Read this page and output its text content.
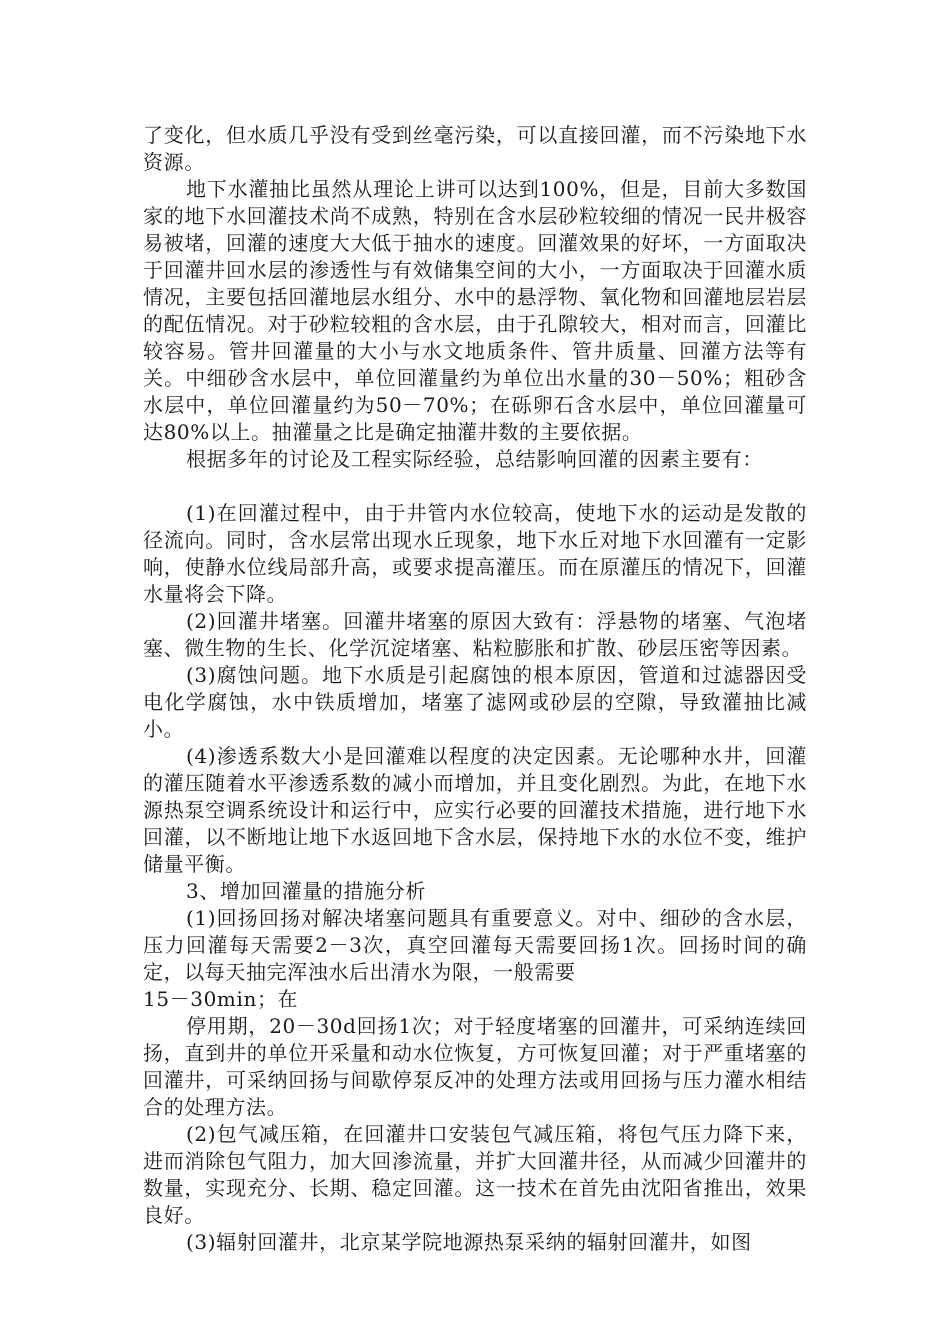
了变化，但水质几乎没有受到丝毫污染，可以直接回灌，而不污染地下水资源。

地下水灌抽比虽然从理论上讲可以达到100%，但是，目前大多数国家的地下水回灌技术尚不成熟，特别在含水层砂粒较细的情况一民井极容易被堵，回灌的速度大大低于抽水的速度。回灌效果的好坏，一方面取决于回灌井回水层的渗透性与有效储集空间的大小，一方面取决于回灌水质情况，主要包括回灌地层水组分、水中的悬浮物、氧化物和回灌地层岩层的配伍情况。对于砂粒较粗的含水层，由于孔隙较大，相对而言，回灌比较容易。管井回灌量的大小与水文地质条件、管井质量、回灌方法等有关。中细砂含水层中，单位回灌量约为单位出水量的30－50%；粗砂含水层中，单位回灌量约为50－70%；在砾卵石含水层中，单位回灌量可达80%以上。抽灌量之比是确定抽灌井数的主要依据。

根据多年的讨论及工程实际经验，总结影响回灌的因素主要有：

(1)在回灌过程中，由于井管内水位较高，使地下水的运动是发散的径流向。同时，含水层常出现水丘现象，地下水丘对地下水回灌有一定影响，使静水位线局部升高，或要求提高灌压。而在原灌压的情况下，回灌水量将会下降。

(2)回灌井堵塞。回灌井堵塞的原因大致有：浮悬物的堵塞、气泡堵塞、微生物的生长、化学沉淀堵塞、粘粒膨胀和扩散、砂层压密等因素。

(3)腐蚀问题。地下水质是引起腐蚀的根本原因，管道和过滤器因受电化学腐蚀，水中铁质增加，堵塞了滤网或砂层的空隙，导致灌抽比减小。

(4)渗透系数大小是回灌难以程度的决定因素。无论哪种水井，回灌的灌压随着水平渗透系数的减小而增加，并且变化剧烈。为此，在地下水源热泵空调系统设计和运行中，应实行必要的回灌技术措施，进行地下水回灌，以不断地让地下水返回地下含水层，保持地下水的水位不变，维护储量平衡。

3、增加回灌量的措施分析

(1)回扬回扬对解决堵塞问题具有重要意义。对中、细砂的含水层，压力回灌每天需要2－3次，真空回灌每天需要回扬1次。回扬时间的确定，以每天抽完浑浊水后出清水为限，一般需要

15－30min；在

停用期，20－30d回扬1次；对于轻度堵塞的回灌井，可采纳连续回扬，直到井的单位开采量和动水位恢复，方可恢复回灌；对于严重堵塞的回灌井，可采纳回扬与间歇停泵反冲的处理方法或用回扬与压力灌水相结合的处理方法。

(2)包气减压箱，在回灌井口安装包气减压箱，将包气压力降下来，进而消除包气阻力，加大回渗流量，并扩大回灌井径，从而减少回灌井的数量，实现充分、长期、稳定回灌。这一技术在首先由沈阳省推出，效果良好。

(3)辐射回灌井，北京某学院地源热泵采纳的辐射回灌井，如图
